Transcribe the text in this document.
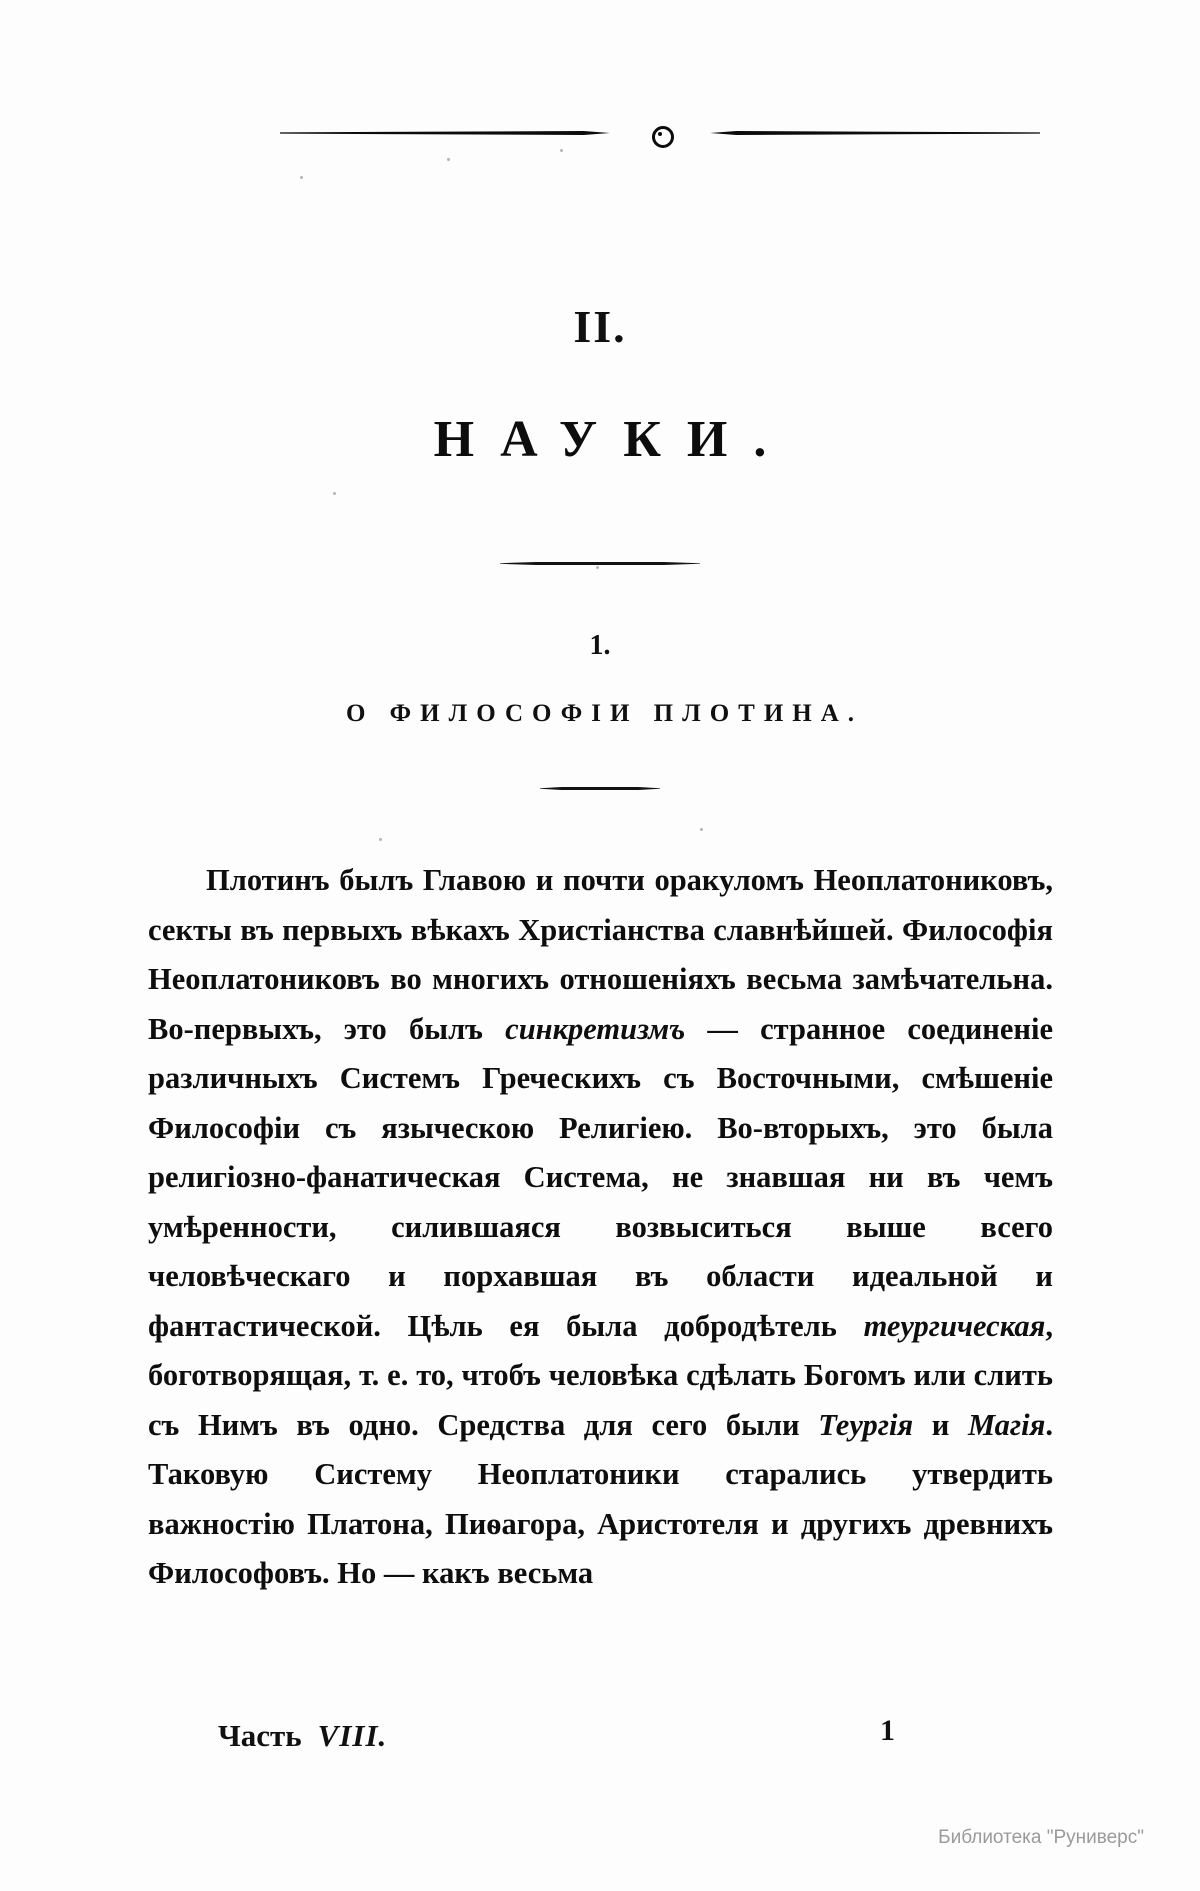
II.
НАУКИ.
1.
О ФИЛОСОФІИ ПЛОТИНА.

Плотинъ былъ Главою и почти оракуломъ Неоплатониковъ, секты въ первыхъ вѣкахъ Христіанства славнѣйшей. Философія Неоплатониковъ во многихъ отношеніяхъ весьма замѣчательна. Во-первыхъ, это былъ синкретизмъ — странное соединеніе различныхъ Системъ Греческихъ съ Восточными, смѣшеніе Философіи съ языческою Религіею. Во-вторыхъ, это была религіозно-фанатическая Система, не знавшая ни въ чемъ умѣренности, силившаяся возвыситься выше всего человѣческаго и порхавшая въ области идеальной и фантастической. Цѣль ея была добродѣтель теургическая, боготворящая, т. е. то, чтобъ человѣка сдѣлать Богомъ или слить съ Нимъ въ одно. Средства для сего были Теургія и Магія. Таковую Систему Неоплатоники старались утвердить важностію Платона, Пиѳагора, Аристотеля и другихъ древнихъ Философовъ. Но — какъ весьма

Часть VIII.	1
Библиотека "Руниверс"
